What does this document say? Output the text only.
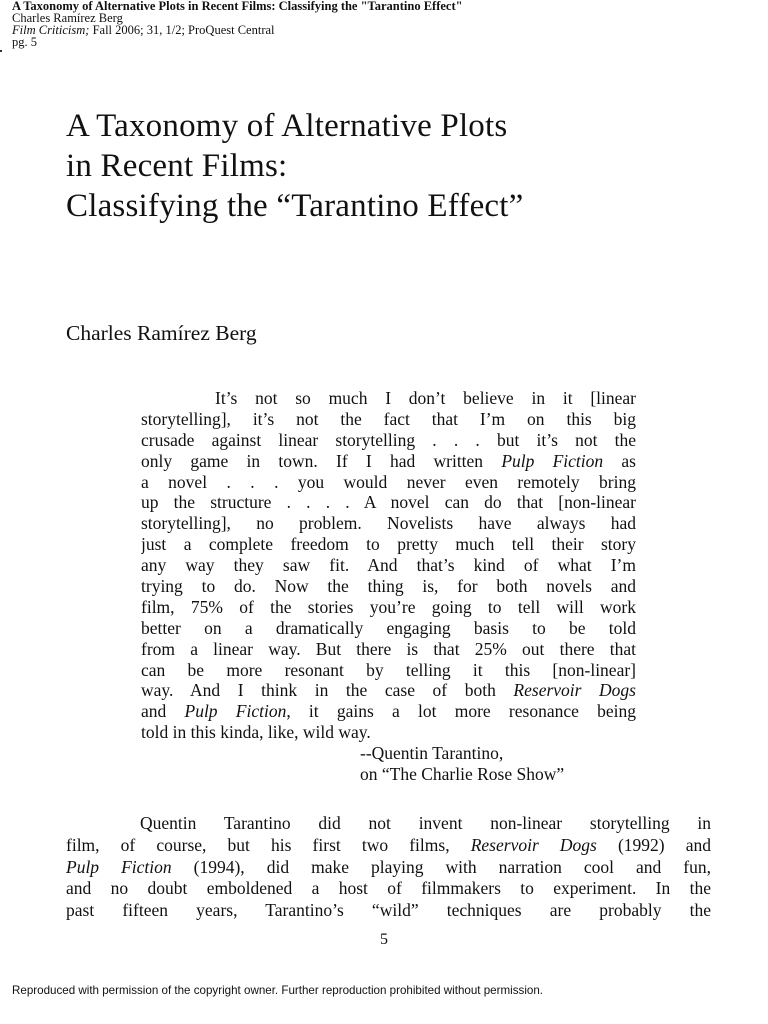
A Taxonomy of Alternative Plots in Recent Films: Classifying the "Tarantino Effect"
Charles Ramírez Berg
Film Criticism; Fall 2006; 31, 1/2; ProQuest Central
pg. 5
A Taxonomy of Alternative Plots
in Recent Films:
Classifying the “Tarantino Effect”
Charles Ramírez Berg
It’s not so much I don’t believe in it [linear
storytelling], it’s not the fact that I’m on this big
crusade against linear storytelling . . . but it’s not the
only game in town. If I had written Pulp Fiction as
a novel . . . you would never even remotely bring
up the structure . . . . A novel can do that [non-linear
storytelling], no problem. Novelists have always had
just a complete freedom to pretty much tell their story
any way they saw fit. And that’s kind of what I’m
trying to do. Now the thing is, for both novels and
film, 75% of the stories you’re going to tell will work
better on a dramatically engaging basis to be told
from a linear way. But there is that 25% out there that
can be more resonant by telling it this [non-linear]
way. And I think in the case of both Reservoir Dogs
and Pulp Fiction, it gains a lot more resonance being
told in this kinda, like, wild way.
--Quentin Tarantino,
on “The Charlie Rose Show”
Quentin Tarantino did not invent non-linear storytelling in
film, of course, but his first two films, Reservoir Dogs (1992) and
Pulp Fiction (1994), did make playing with narration cool and fun,
and no doubt emboldened a host of filmmakers to experiment. In the
past fifteen years, Tarantino’s “wild” techniques are probably the
5
Reproduced with permission of the copyright owner. Further reproduction prohibited without permission.
